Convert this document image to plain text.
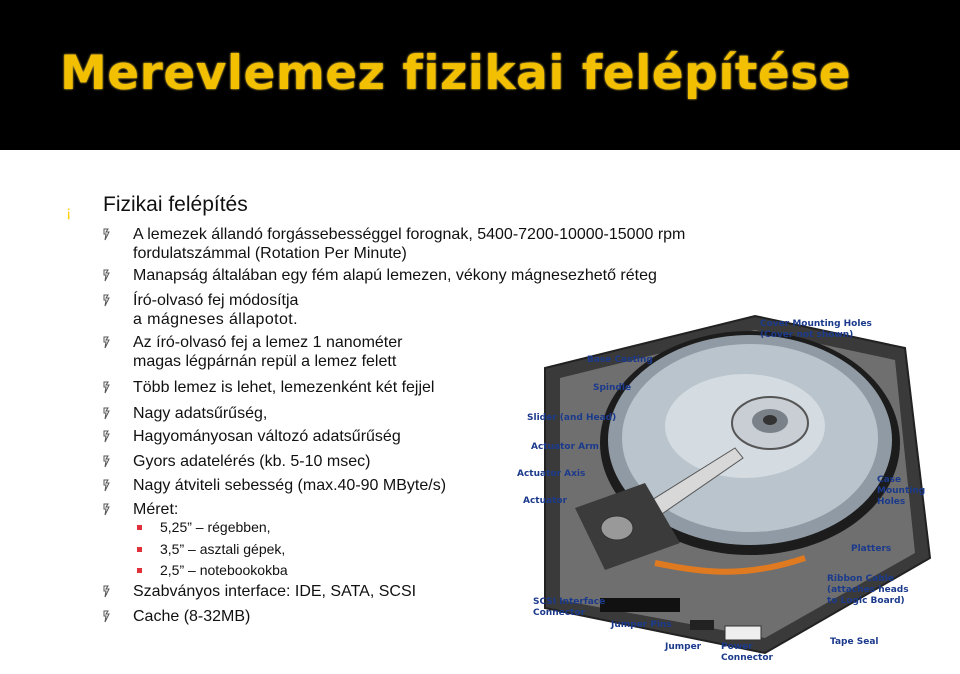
Merevlemez fizikai felépítése
¡ Fizikai felépítés
A lemezek állandó forgássebességgel forognak, 5400-7200-10000-15000 rpm
fordulatszámmal (Rotation Per Minute)
Manapság általában egy fém alapú lemezen, vékony mágnesezhető réteg
Író-olvasó fej módosítja
a mágneses állapotot.
Az író-olvasó fej a lemez 1 nanométer
magas légpárnán repül a lemez felett
Több lemez is lehet, lemezenként két fejjel
Nagy adatsűrűség,
Hagyományosan változó adatsűrűség
Gyors adatelérés (kb. 5-10 msec)
Nagy átviteli sebesség (max.40-90 MByte/s)
Méret:
Szabványos interface: IDE, SATA, SCSI
Cache (8-32MB)
5,25” – régebben,
3,5” – asztali gépek,
2,5” – notebookokba
Cover Mounting Holes
(Cover not shown)
Base Casting
Spindle
Slider (and Head)
Actuator Arm
Actuator Axis
Actuator
Case
Mounting
Holes
Platters
Ribbon Cable
(attaches heads
to Logic Board)
SCSI Interface
Connector
Jumper Pins
Jumper Power
Connector
Tape Seal
